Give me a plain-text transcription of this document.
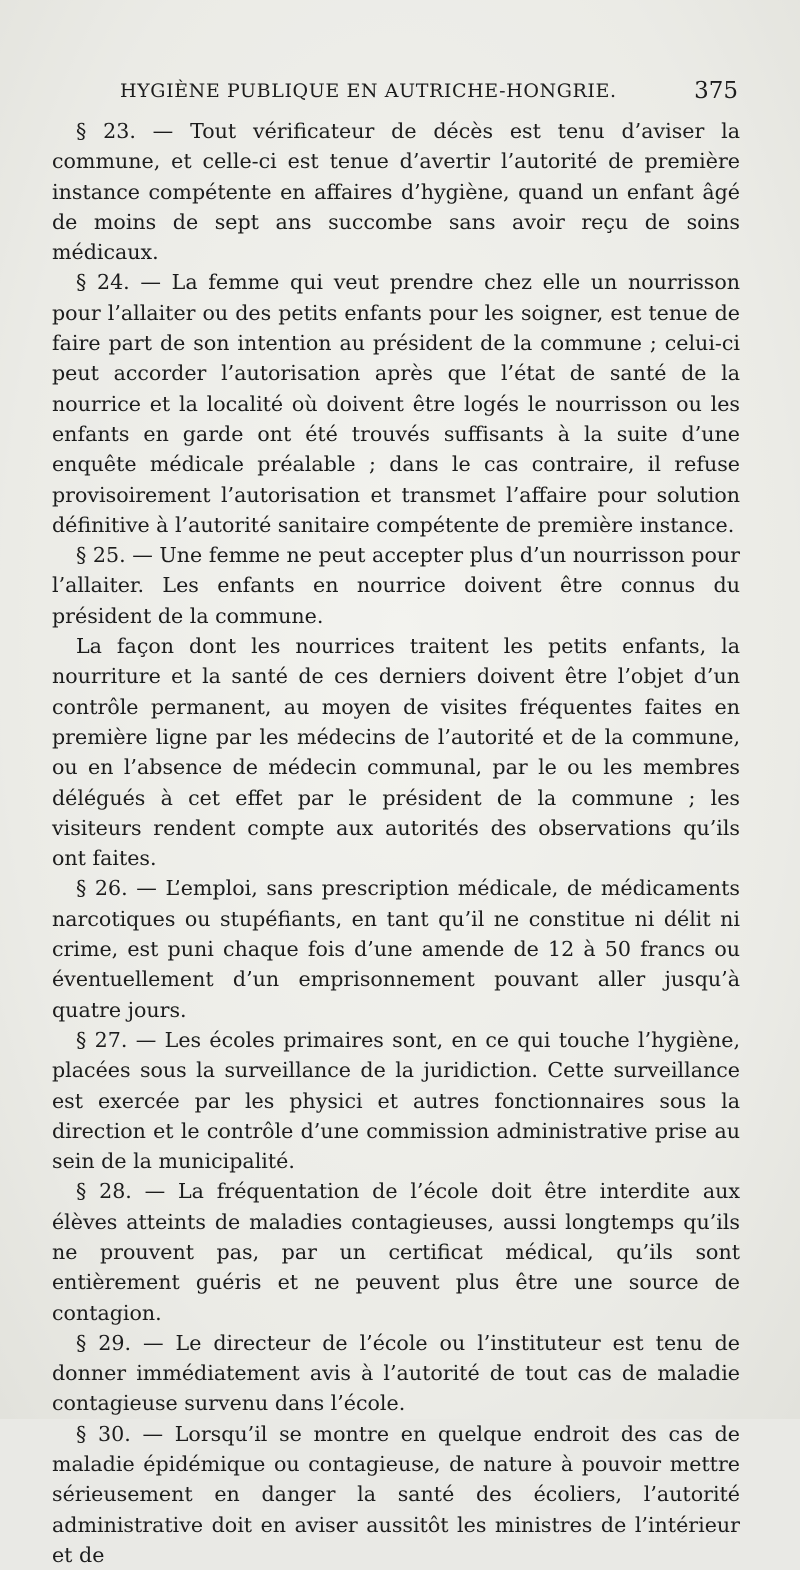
HYGIÈNE PUBLIQUE EN AUTRICHE-HONGRIE.	375

§ 23. — Tout vérificateur de décès est tenu d’aviser la commune, et celle-ci est tenue d’avertir l’autorité de première instance compétente en affaires d’hygiène, quand un enfant âgé de moins de sept ans succombe sans avoir reçu de soins médicaux.

§ 24. — La femme qui veut prendre chez elle un nourrisson pour l’allaiter ou des petits enfants pour les soigner, est tenue de faire part de son intention au président de la commune ; celui-ci peut accorder l’autorisation après que l’état de santé de la nourrice et la localité où doivent être logés le nourrisson ou les enfants en garde ont été trouvés suffisants à la suite d’une enquête médicale préalable ; dans le cas contraire, il refuse provisoirement l’autorisation et transmet l’affaire pour solution définitive à l’autorité sanitaire compétente de première instance.

§ 25. — Une femme ne peut accepter plus d’un nourrisson pour l’allaiter. Les enfants en nourrice doivent être connus du président de la commune.

La façon dont les nourrices traitent les petits enfants, la nourriture et la santé de ces derniers doivent être l’objet d’un contrôle permanent, au moyen de visites fréquentes faites en première ligne par les médecins de l’autorité et de la commune, ou en l’absence de médecin communal, par le ou les membres délégués à cet effet par le président de la commune ; les visiteurs rendent compte aux autorités des observations qu’ils ont faites.

§ 26. — L’emploi, sans prescription médicale, de médicaments narcotiques ou stupéfiants, en tant qu’il ne constitue ni délit ni crime, est puni chaque fois d’une amende de 12 à 50 francs ou éventuellement d’un emprisonnement pouvant aller jusqu’à quatre jours.

§ 27. — Les écoles primaires sont, en ce qui touche l’hygiène, placées sous la surveillance de la juridiction. Cette surveillance est exercée par les physici et autres fonctionnaires sous la direction et le contrôle d’une commission administrative prise au sein de la municipalité.

§ 28. — La fréquentation de l’école doit être interdite aux élèves atteints de maladies contagieuses, aussi longtemps qu’ils ne prouvent pas, par un certificat médical, qu’ils sont entièrement guéris et ne peuvent plus être une source de contagion.

§ 29. — Le directeur de l’école ou l’instituteur est tenu de donner immédiatement avis à l’autorité de tout cas de maladie contagieuse survenu dans l’école.

§ 30. — Lorsqu’il se montre en quelque endroit des cas de maladie épidémique ou contagieuse, de nature à pouvoir mettre sérieusement en danger la santé des écoliers, l’autorité administrative doit en aviser aussitôt les ministres de l’intérieur et de
